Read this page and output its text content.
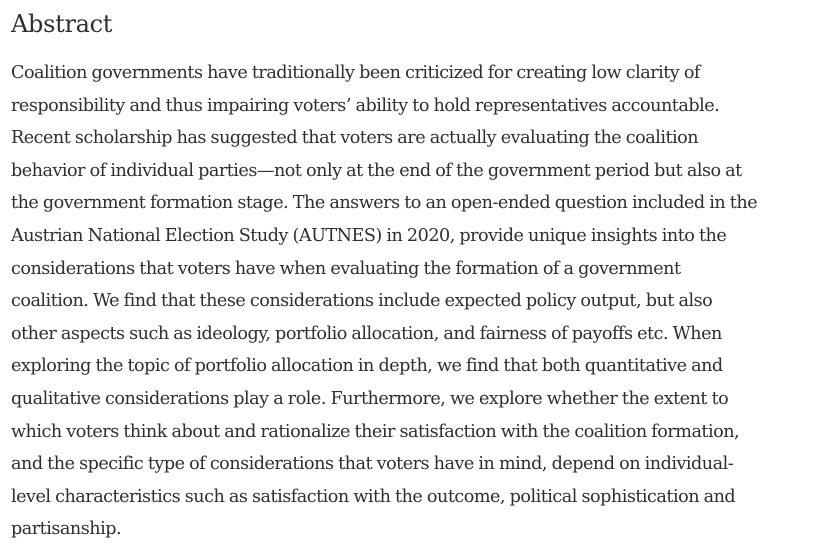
Abstract

Coalition governments have traditionally been criticized for creating low clarity of
responsibility and thus impairing voters’ ability to hold representatives accountable.
Recent scholarship has suggested that voters are actually evaluating the coalition
behavior of individual parties—not only at the end of the government period but also at
the government formation stage. The answers to an open-ended question included in the
Austrian National Election Study (AUTNES) in 2020, provide unique insights into the
considerations that voters have when evaluating the formation of a government
coalition. We find that these considerations include expected policy output, but also
other aspects such as ideology, portfolio allocation, and fairness of payoffs etc. When
exploring the topic of portfolio allocation in depth, we find that both quantitative and
qualitative considerations play a role. Furthermore, we explore whether the extent to
which voters think about and rationalize their satisfaction with the coalition formation,
and the specific type of considerations that voters have in mind, depend on individual-
level characteristics such as satisfaction with the outcome, political sophistication and
partisanship.
